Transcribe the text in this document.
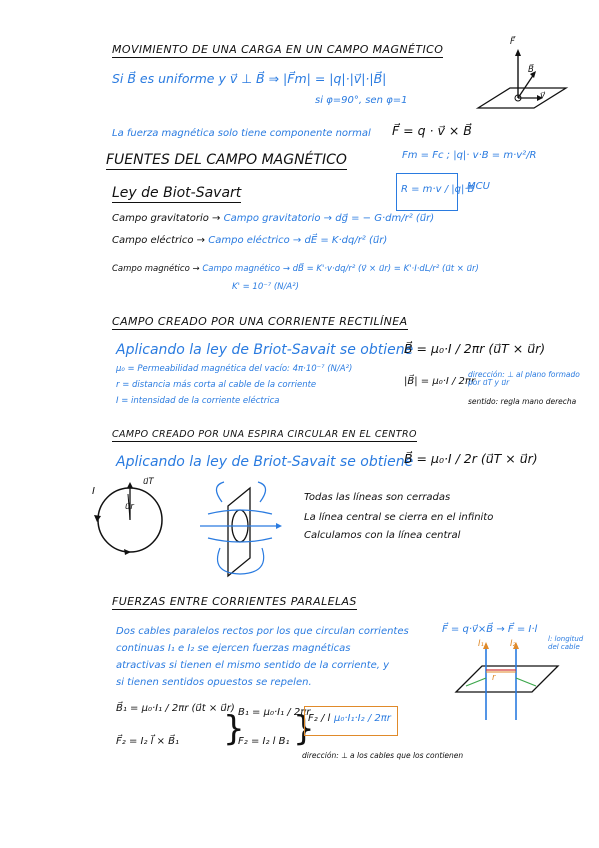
MOVIMIENTO DE UNA CARGA EN UN CAMPO MAGNÉTICO
Si B⃗ es uniforme y v⃗ ⊥ B⃗ ⇒ |F⃗m| = |q|·|v⃗|·|B⃗|
si φ=90°, sen φ=1
La fuerza magnética solo tiene componente normal F⃗ = q · v⃗ × B⃗
Fm = Fc ; |q|· v·B = m·v²/R
R = m·v / |q|·B
MCU
F⃗
B⃗
v⃗
FUENTES DEL CAMPO MAGNÉTICO
Ley de Biot-Savart
Campo gravitatorio → Campo gravitatorio → dg⃗ = − G·dm/r² (u⃗r)
Campo eléctrico → Campo eléctrico → dE⃗ = K·dq/r² (u⃗r)
Campo magnético → Campo magnético → dB⃗ = K'·v·dq/r² (v⃗ × u⃗r) = K'·I·dL/r² (u⃗t × u⃗r)
K' = 10⁻⁷ (N/A²)
CAMPO CREADO POR UNA CORRIENTE RECTILÍNEA
Aplicando la ley de Briot-Savait se obtiene
B⃗ = μ₀·I / 2πr (u⃗T × u⃗r)
μ₀ = Permeabilidad magnética del vacío: 4π·10⁻⁷ (N/A²)
r = distancia más corta al cable de la corriente
I = intensidad de la corriente eléctrica
|B⃗| = μ₀·I / 2πr
dirección: ⊥ al plano formado por u⃗T y u⃗r
sentido: regla mano derecha
CAMPO CREADO POR UNA ESPIRA CIRCULAR EN EL CENTRO
Aplicando la ley de Briot-Savait se obtiene
B⃗ = μ₀·I / 2r (u⃗T × u⃗r)
I
u⃗T
u⃗r
Todas las líneas son cerradas
La línea central se cierra en el infinito
Calculamos con la línea central
FUERZAS ENTRE CORRIENTES PARALELAS
Dos cables paralelos rectos por los que circulan corrientes
continuas I₁ e I₂ se ejercen fuerzas magnéticas
atractivas si tienen el mismo sentido de la corriente, y
si tienen sentidos opuestos se repelen.
F⃗ = q·v⃗×B⃗ → F⃗ = I·l
l: longitud del cable
I₁	I₂
r
B⃗₁ = μ₀·I₁ / 2πr (u⃗t × u⃗r)
F⃗₂ = I₂ l⃗ × B⃗₁ }
B₁ = μ₀·I₁ / 2πr
F₂ = I₂ l B₁ }
F₂ / l μ₀·I₁·I₂ / 2πr
dirección: ⊥ a los cables que los contienen
